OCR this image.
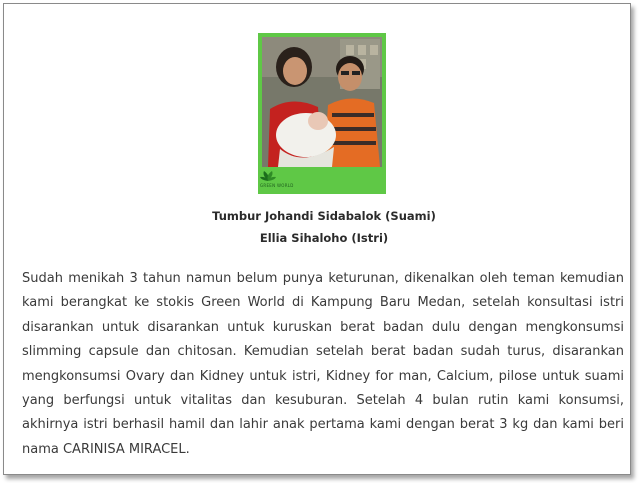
GREEN WORLD
Tumbur Johandi Sidabalok (Suami)
Ellia Sihaloho (Istri)
Sudah menikah 3 tahun namun belum punya keturunan, dikenalkan oleh teman kemudian kami berangkat ke stokis Green World di Kampung Baru Medan, setelah konsultasi istri disarankan untuk disarankan untuk kuruskan berat badan dulu dengan mengkonsumsi slimming capsule dan chitosan. Kemudian setelah berat badan sudah turus, disarankan mengkonsumsi Ovary dan Kidney untuk istri, Kidney for man, Calcium, pilose untuk suami yang berfungsi untuk vitalitas dan kesuburan. Setelah 4 bulan rutin kami konsumsi, akhirnya istri berhasil hamil dan lahir anak pertama kami dengan berat 3 kg dan kami beri nama CARINISA MIRACEL.
